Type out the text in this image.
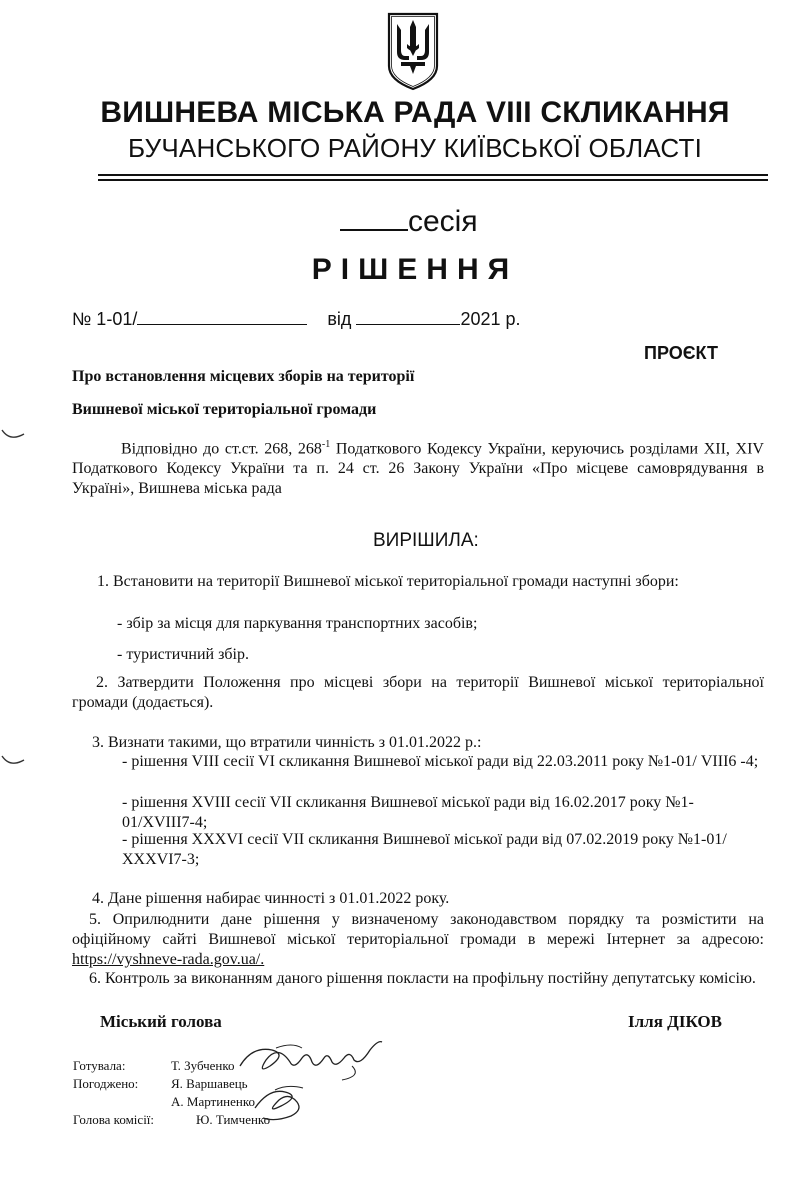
ВИШНЕВА МІСЬКА РАДА VIII СКЛИКАННЯ
БУЧАНСЬКОГО РАЙОНУ КИЇВСЬКОЇ ОБЛАСТІ
сесія
РІШЕННЯ
№ 1-01/	від	2021 р.
ПРОЄКТ
Про встановлення місцевих зборів на території
Вишневої міської територіальної громади
Відповідно до ст.ст. 268, $268^{-1}$ Податкового Кодексу України, керуючись розділами XII, XIV Податкового Кодексу України та п. 24 ст. 26 Закону України «Про місцеве самоврядування в Україні», Вишнева міська рада
ВИРІШИЛА:
1. Встановити на території Вишневої міської територіальної громади наступні збори:
- збір за місця для паркування транспортних засобів;
- туристичний збір.
2. Затвердити Положення про місцеві збори на території Вишневої міської територіальної громади (додається).
3. Визнати такими, що втратили чинність з 01.01.2022 р.:
- рішення VIII сесії VI скликання Вишневої міської ради від 22.03.2011 року №1-01/ VIII6 -4;
- рішення XVIII сесії VII скликання Вишневої міської ради від 16.02.2017 року №1-01/XVIII7-4;
- рішення XXXVI сесії VII скликання Вишневої міської ради від 07.02.2019 року №1-01/ XXXVI7-3;
4. Дане рішення набирає чинності з 01.01.2022 року.
5. Оприлюднити дане рішення у визначеному законодавством порядку та розмістити на офіційному сайті Вишневої міської територіальної громади в мережі Інтернет за адресою: https://vyshneve-rada.gov.ua/.
6. Контроль за виконанням даного рішення покласти на профільну постійну депутатську комісію.
Міський голова	Ілля ДІКОВ
Готувала:	Т. Зубченко
Погоджено:	Я. Варшавець
А. Мартиненко
Голова комісії:	Ю. Тимченко
